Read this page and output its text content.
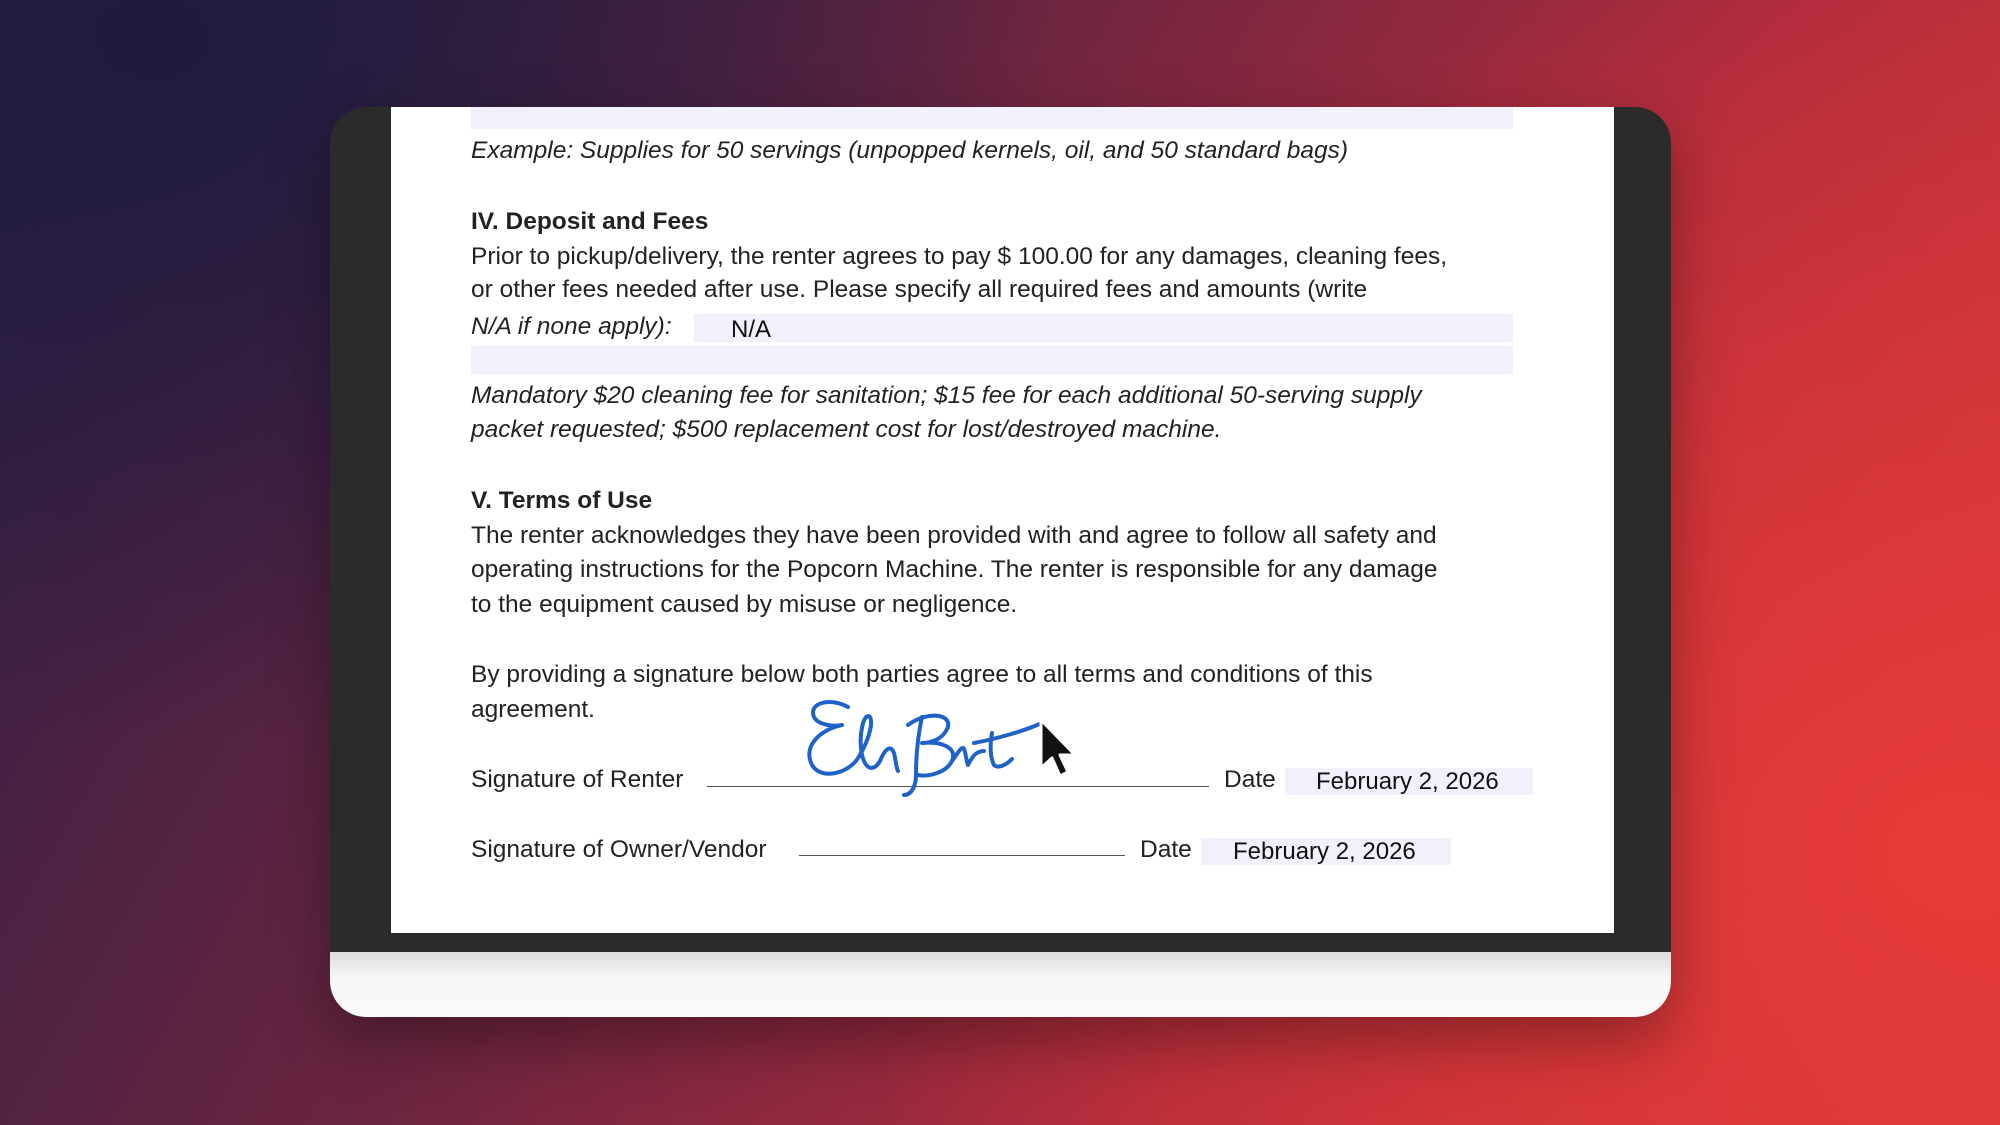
Example: Supplies for 50 servings (unpopped kernels, oil, and 50 standard bags)
IV. Deposit and Fees
Prior to pickup/delivery, the renter agrees to pay $ 100.00 for any damages, cleaning fees,
or other fees needed after use. Please specify all required fees and amounts (write
N/A if none apply): N/A
Mandatory $20 cleaning fee for sanitation; $15 fee for each additional 50-serving supply
packet requested; $500 replacement cost for lost/destroyed machine.
V. Terms of Use
The renter acknowledges they have been provided with and agree to follow all safety and
operating instructions for the Popcorn Machine. The renter is responsible for any damage
to the equipment caused by misuse or negligence.
By providing a signature below both parties agree to all terms and conditions of this
agreement.
Signature of Renter	Date February 2, 2026
Signature of Owner/Vendor	Date February 2, 2026
